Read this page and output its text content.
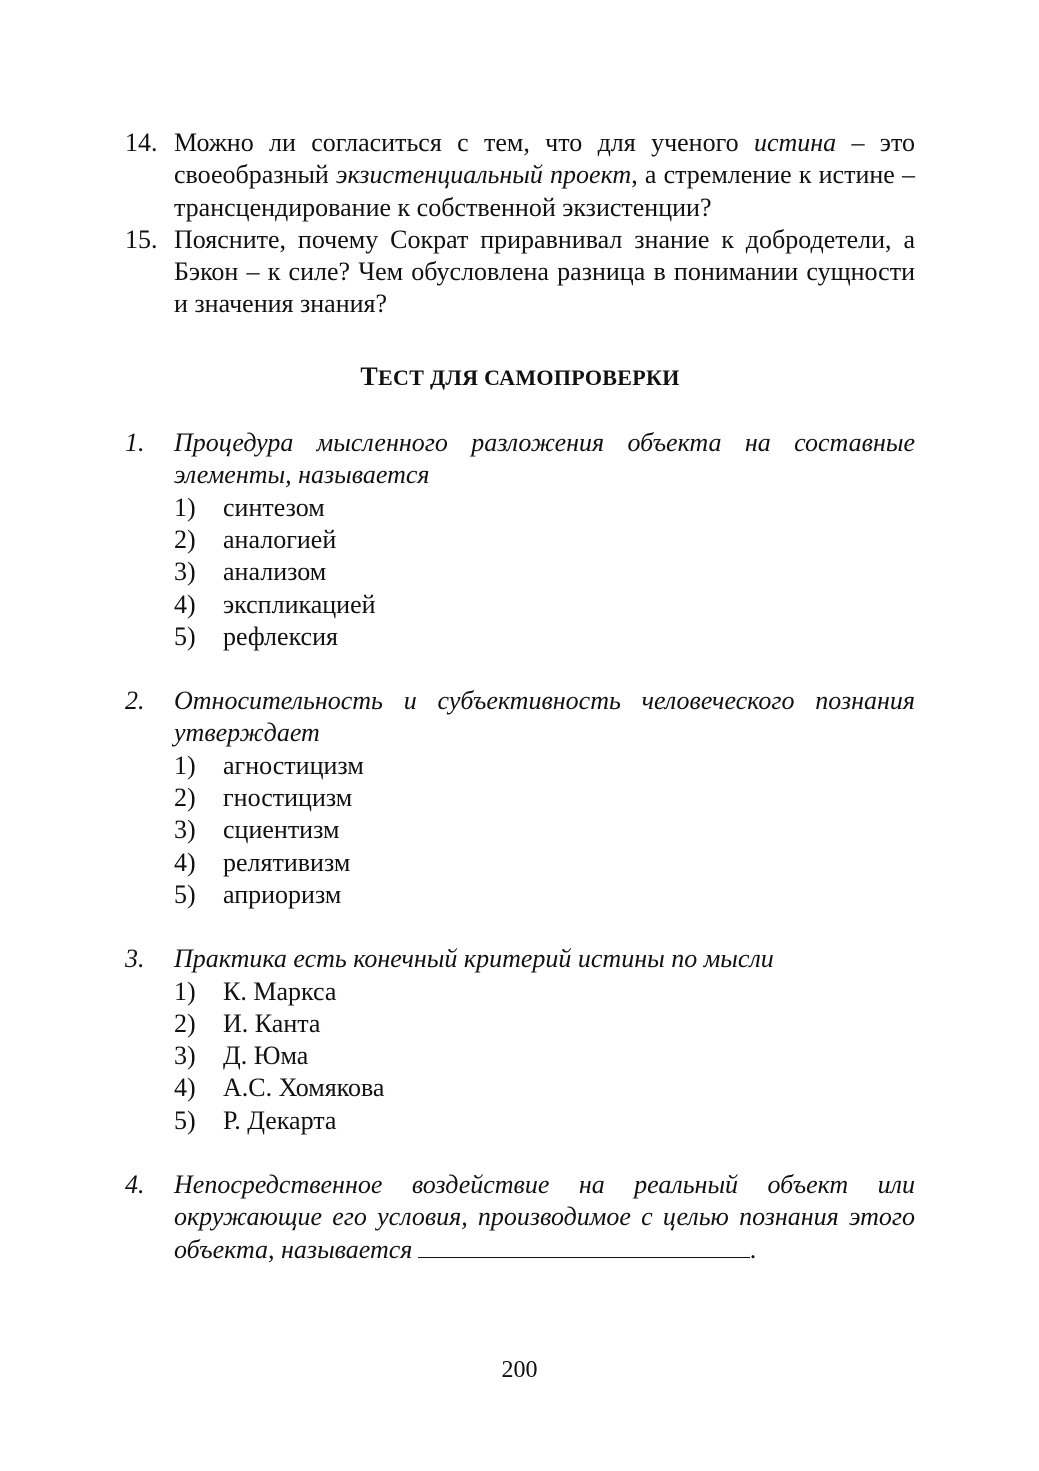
14. Можно ли согласиться с тем, что для ученого истина – это своеобразный экзистенциальный проект, а стремление к истине – трансцендирование к собственной экзистенции?
15. Поясните, почему Сократ приравнивал знание к добродетели, а Бэкон – к силе? Чем обусловлена разница в понимании сущности и значения знания?
ТЕСТ ДЛЯ САМОПРОВЕРКИ
1.	Процедура мысленного разложения объекта на составные элементы, называется
1)	синтезом
2)	аналогией
3)	анализом
4)	экспликацией
5)	рефлексия
2.	Относительность и субъективность человеческого познания утверждает
1)	агностицизм
2)	гностицизм
3)	сциентизм
4)	релятивизм
5)	априоризм
3.	Практика есть конечный критерий истины по мысли
1)	К. Маркса
2)	И. Канта
3)	Д. Юма
4)	А.С. Хомякова
5)	Р. Декарта
4.	Непосредственное воздействие на реальный объект или окружающие его условия, производимое с целью познания этого объекта, называется	.
200
